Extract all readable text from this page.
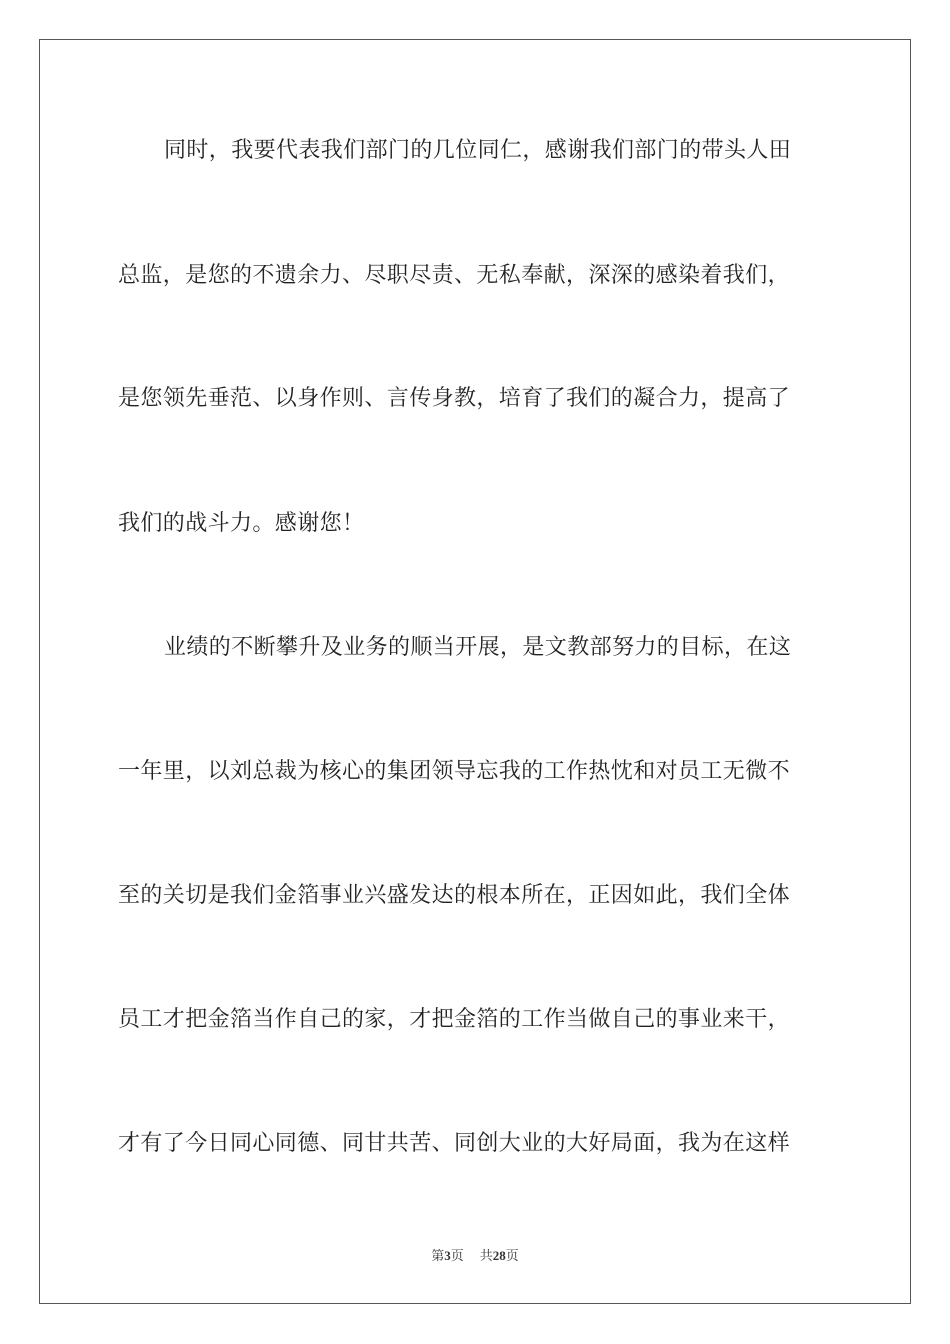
同时，我要代表我们部门的几位同仁，感谢我们部门的带头人田
总监，是您的不遗余力、尽职尽责、无私奉献，深深的感染着我们，
是您领先垂范、以身作则、言传身教，培育了我们的凝合力，提高了
我们的战斗力。感谢您！
业绩的不断攀升及业务的顺当开展，是文教部努力的目标，在这
一年里，以刘总裁为核心的集团领导忘我的工作热忱和对员工无微不
至的关切是我们金箔事业兴盛发达的根本所在，正因如此，我们全体
员工才把金箔当作自己的家，才把金箔的工作当做自己的事业来干，
才有了今日同心同德、同甘共苦、同创大业的大好局面，我为在这样
第3页 共28页
